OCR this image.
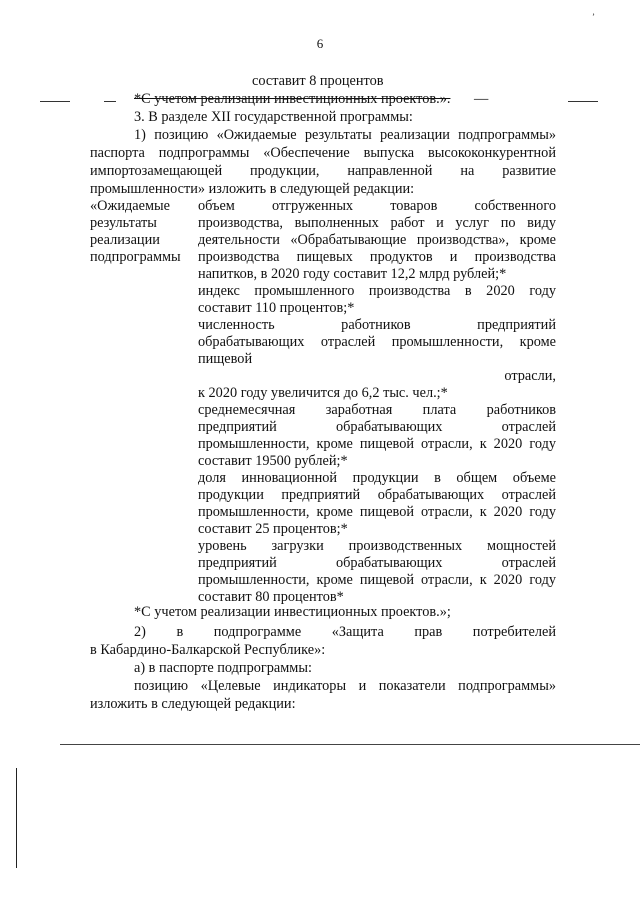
6
ʼ
составит 8 процентов
*С учетом реализации инвестиционных проектов.». —
3. В разделе XII государственной программы:
1) позицию «Ожидаемые результаты реализации подпрограммы»
паспорта подпрограммы «Обеспечение выпуска высококонкурентной
импортозамещающей продукции, направленной на развитие
промышленности» изложить в следующей редакции:
«Ожидаемые
результаты
реализации
подпрограммы
объем отгруженных товаров собственного
производства, выполненных работ и услуг по виду
деятельности «Обрабатывающие производства», кроме
производства пищевых продуктов и производства
напитков, в 2020 году составит 12,2 млрд рублей;*
индекс промышленного производства в 2020 году
составит 110 процентов;*
численность работников предприятий
обрабатывающих отраслей промышленности, кроме
пищевой
отрасли,
к 2020 году увеличится до 6,2 тыс. чел.;*
среднемесячная заработная плата работников
предприятий обрабатывающих отраслей
промышленности, кроме пищевой отрасли, к 2020 году
составит 19500 рублей;*
доля инновационной продукции в общем объеме
продукции предприятий обрабатывающих отраслей
промышленности, кроме пищевой отрасли, к 2020 году
составит 25 процентов;*
уровень загрузки производственных мощностей
предприятий обрабатывающих отраслей
промышленности, кроме пищевой отрасли, к 2020 году
составит 80 процентов*
*С учетом реализации инвестиционных проектов.»;
2) в подпрограмме «Защита прав потребителей
в Кабардино-Балкарской Республике»:
а) в паспорте подпрограммы:
позицию «Целевые индикаторы и показатели подпрограммы»
изложить в следующей редакции:
